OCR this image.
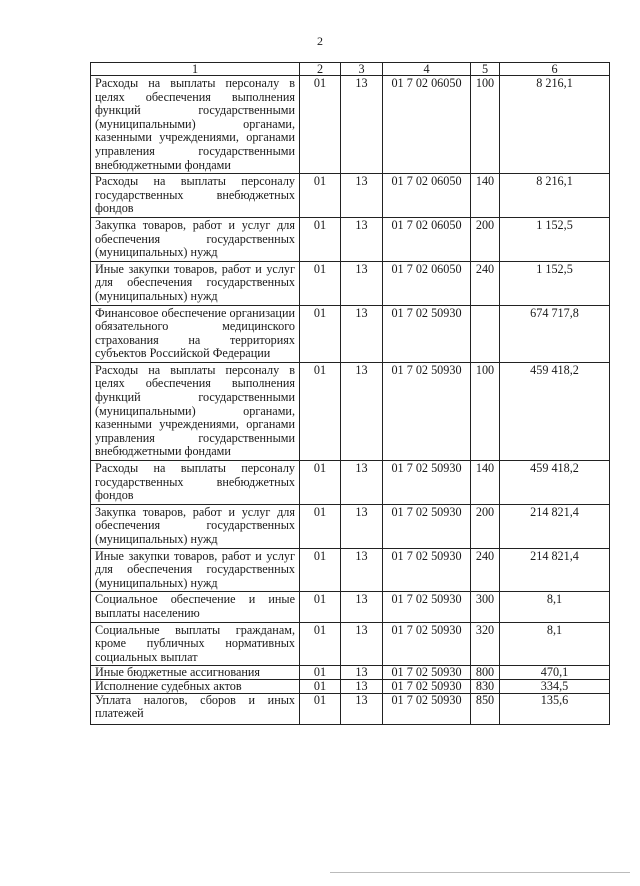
2
1	2	3	4	5	6
Расходы на выплаты персоналу в целях обеспечения выполнения функций государственными (муниципальными) органами, казенными учреждениями, органами управления государственными внебюджетными фондами	01	13	01 7 02 06050	100	8 216,1
Расходы на выплаты персоналу государственных внебюджетных фондов	01	13	01 7 02 06050	140	8 216,1
Закупка товаров, работ и услуг для обеспечения государственных (муниципальных) нужд	01	13	01 7 02 06050	200	1 152,5
Иные закупки товаров, работ и услуг для обеспечения государственных (муниципальных) нужд	01	13	01 7 02 06050	240	1 152,5
Финансовое обеспечение организации обязательного медицинского страхования на территориях субъектов Российской Федерации	01	13	01 7 02 50930		674 717,8
Расходы на выплаты персоналу в целях обеспечения выполнения функций государственными (муниципальными) органами, казенными учреждениями, органами управления государственными внебюджетными фондами	01	13	01 7 02 50930	100	459 418,2
Расходы на выплаты персоналу государственных внебюджетных фондов	01	13	01 7 02 50930	140	459 418,2
Закупка товаров, работ и услуг для обеспечения государственных (муниципальных) нужд	01	13	01 7 02 50930	200	214 821,4
Иные закупки товаров, работ и услуг для обеспечения государственных (муниципальных) нужд	01	13	01 7 02 50930	240	214 821,4
Социальное обеспечение и иные выплаты населению	01	13	01 7 02 50930	300	8,1
Социальные выплаты гражданам, кроме публичных нормативных социальных выплат	01	13	01 7 02 50930	320	8,1
Иные бюджетные ассигнования	01	13	01 7 02 50930	800	470,1
Исполнение судебных актов	01	13	01 7 02 50930	830	334,5
Уплата налогов, сборов и иных платежей	01	13	01 7 02 50930	850	135,6
